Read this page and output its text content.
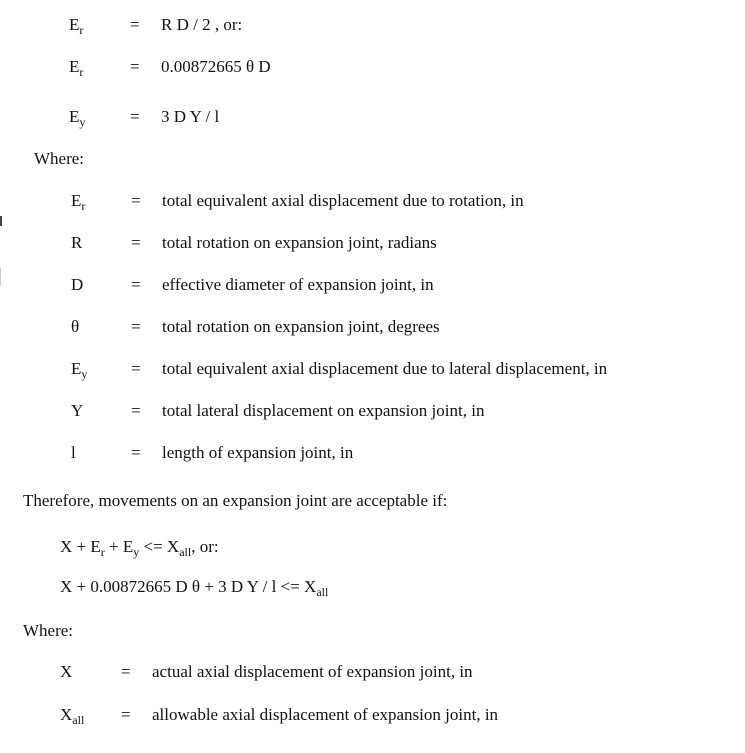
$E_r$	= R D / 2 , or:
$E_r$	= 0.00872665 θ D
$E_y$	= 3 D Y / l
Where:
$E_r$	= total equivalent axial displacement due to rotation, in
R	= total rotation on expansion joint, radians
D	= effective diameter of expansion joint, in
θ	= total rotation on expansion joint, degrees
$E_y$	= total equivalent axial displacement due to lateral displacement, in
Y	= total lateral displacement on expansion joint, in
l	= length of expansion joint, in
Therefore, movements on an expansion joint are acceptable if:
$X + E_r + E_y <= X_{all}$, or:
X + 0.00872665 D θ + 3 D $Y / l <= X_{all}$
Where:
X	= actual axial displacement of expansion joint, in
$X_{all}$ = allowable axial displacement of expansion joint, in
